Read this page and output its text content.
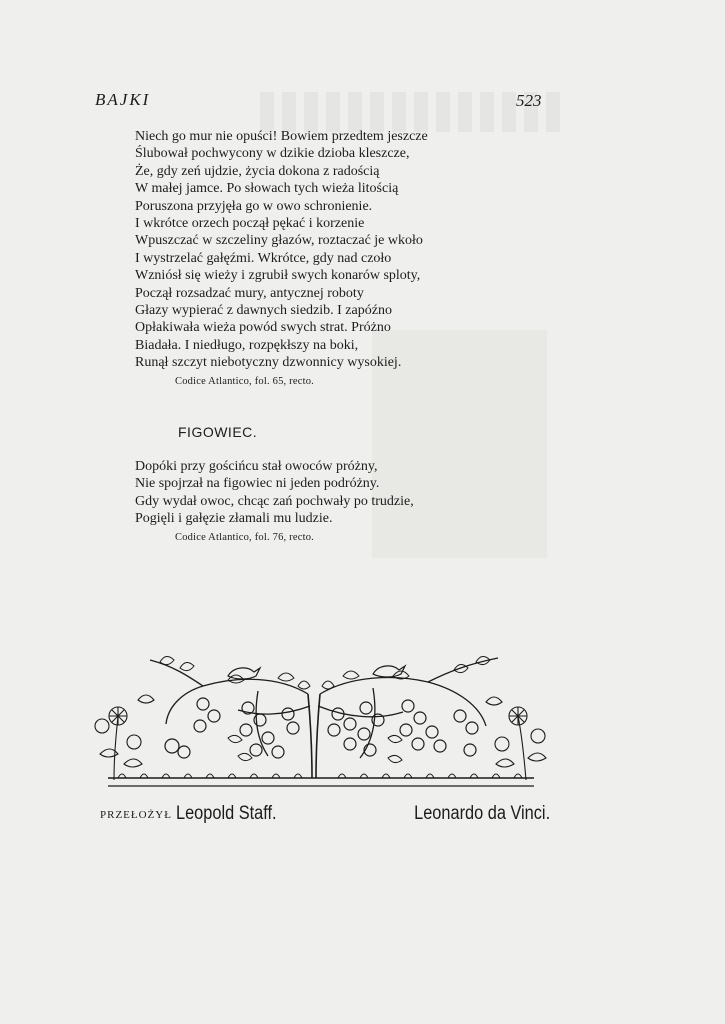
BAJKI	523
Niech go mur nie opuści! Bowiem przedtem jeszcze
Ślubował pochwycony w dzikie dzioba kleszcze,
Że, gdy zeń ujdzie, życia dokona z radością
W małej jamce. Po słowach tych wieża litością
Poruszona przyjęła go w owo schronienie.
I wkrótce orzech począł pękać i korzenie
Wpuszczać w szczeliny głazów, roztaczać je wkoło
I wystrzelać gałęźmi. Wkrótce, gdy nad czoło
Wzniósł się wieży i zgrubił swych konarów sploty,
Począł rozsadzać mury, antycznej roboty
Głazy wypierać z dawnych siedzib. I zapóźno
Opłakiwała wieża powód swych strat. Próżno
Biadała. I niedługo, rozpękłszy na boki,
Runął szczyt niebotyczny dzwonnicy wysokiej.
Codice Atlantico, fol. 65, recto.
FIGOWIEC.
Dopóki przy gościńcu stał owoców próżny,
Nie spojrzał na figowiec ni jeden podróżny.
Gdy wydał owoc, chcąc zań pochwały po trudzie,
Pogięli i gałęzie złamali mu ludzie.
Codice Atlantico, fol. 76, recto.
PRZEŁOŻYŁ Leopold Staff.	Leonardo da Vinci.
